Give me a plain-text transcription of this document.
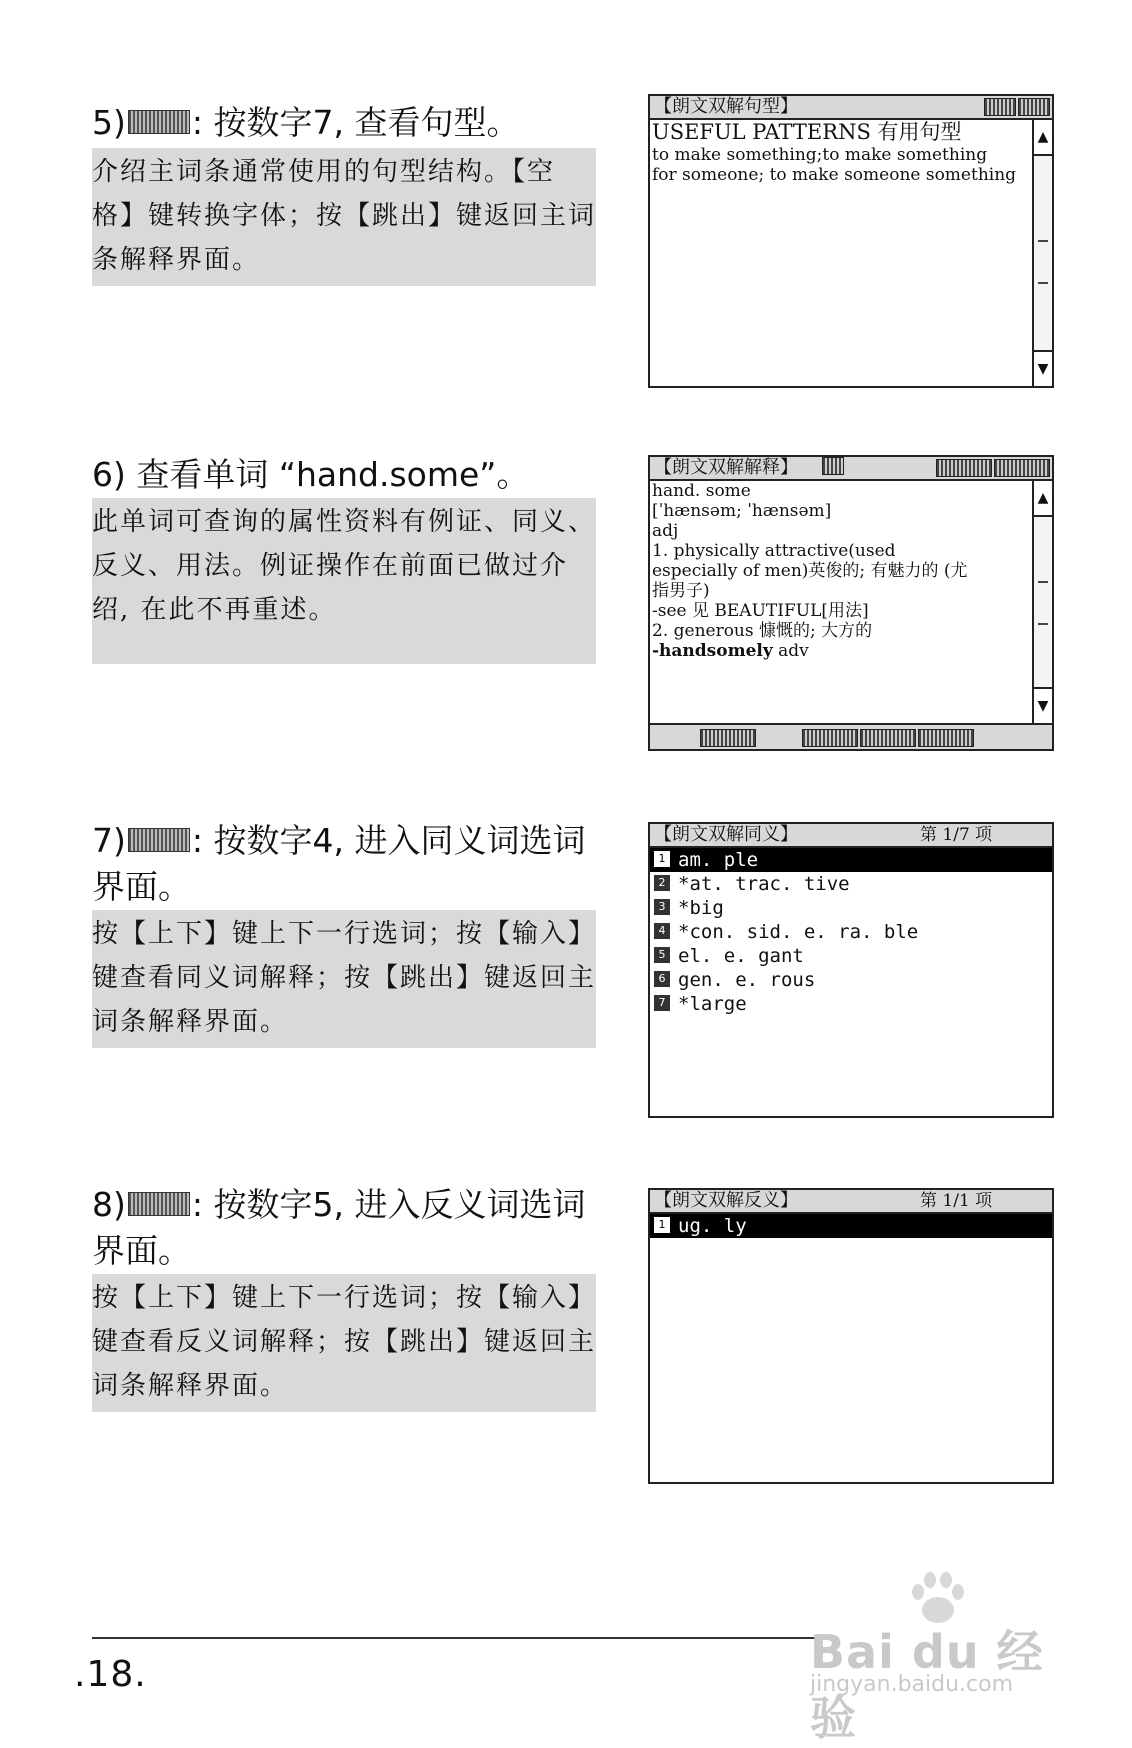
5) : 按数字7, 查看句型。
介绍主词条通常使用的句型结构。【空格】键转换字体；按【跳出】键返回主词条解释界面。
【朗文双解句型】
USEFUL PATTERNS 有用句型
to make something;to make something
for someone; to make someone something
▲
▼
6) 查看单词 “hand.some”。
此单词可查询的属性资料有例证、同义、反义、用法。例证操作在前面已做过介绍, 在此不再重述。
【朗文双解解释】
hand. some
[ˈhænsəm; ˈhænsəm]
adj
1. physically attractive(used
especially of men)英俊的; 有魅力的 (尤
指男子)
-see 见 BEAUTIFUL[用法]
2. generous 慷慨的; 大方的
-handsomely adv
▲
▼
7) : 按数字4, 进入同义词选词界面。
按【上下】键上下一行选词；按【输入】键查看同义词解释；按【跳出】键返回主词条解释界面。
【朗文双解同义】	第 1/7 项
1 am. ple
2 *at. trac. tive
3 *big
4 *con. sid. e. ra. ble
5 el. e. gant
6 gen. e. rous
7 *large
8) : 按数字5, 进入反义词选词界面。
按【上下】键上下一行选词；按【输入】键查看反义词解释；按【跳出】键返回主词条解释界面。
【朗文双解反义】	第 1/1 项
1 ug. ly
.18.	Bai du 经验
jingyan.baidu.com
